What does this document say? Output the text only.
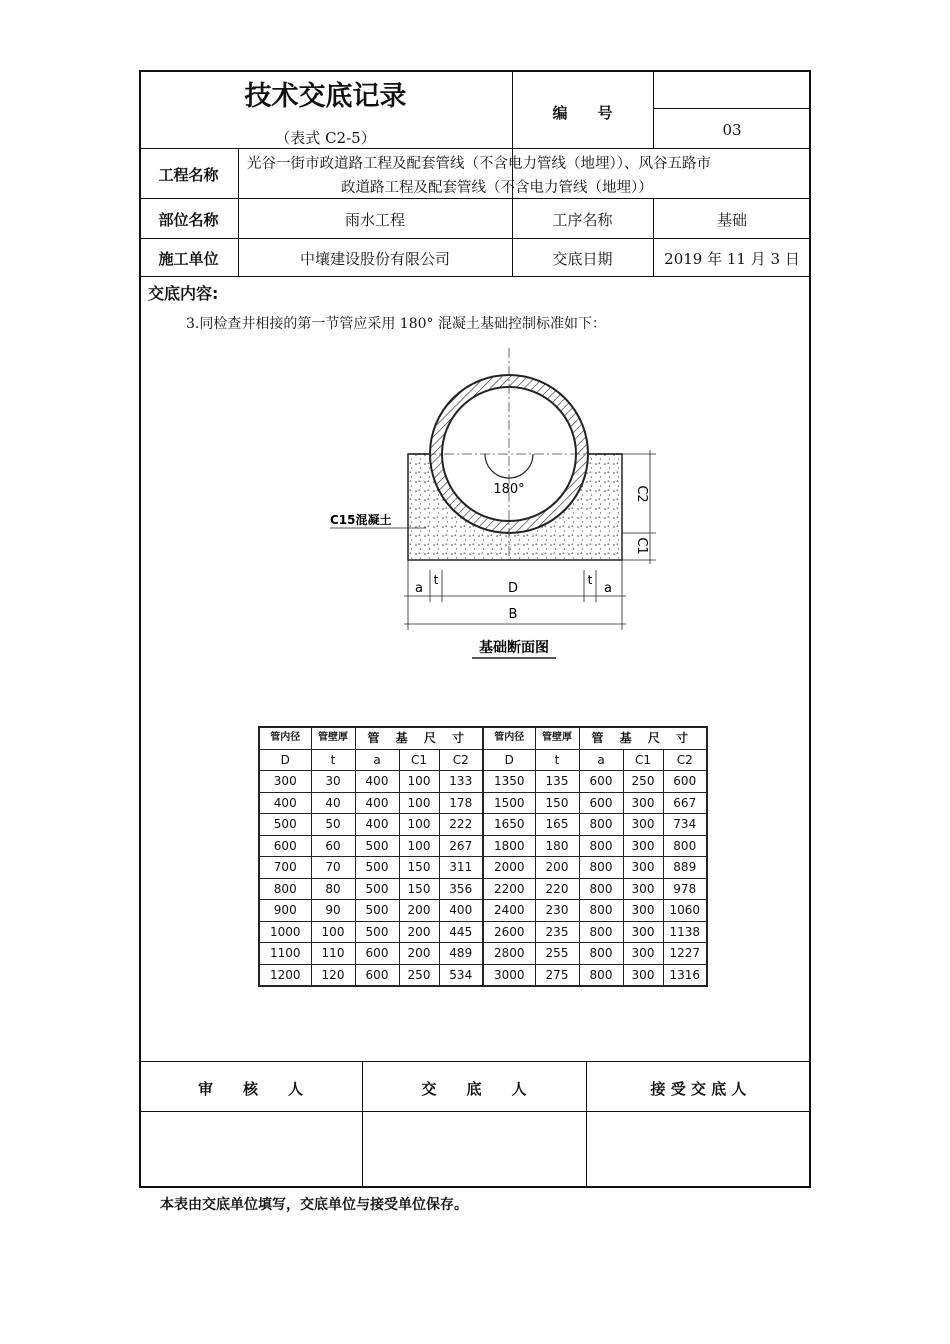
技术交底记录
（表式 C2-5）
编　　号
03
工程名称
光谷一街市政道路工程及配套管线（不含电力管线（地埋））、风谷五路市
政道路工程及配套管线（不含电力管线（地埋））
部位名称	雨水工程	工序名称	基础
施工单位	中壤建设股份有限公司	交底日期	2019 年 11 月 3 日
交底内容:
3.同检查井相接的第一节管应采用 180° 混凝土基础控制标准如下：
180°	C2
C1
C15混凝土
a
t
D
t
a
B
基础断面图
管内径	管壁厚	管 基 尺 寸			管内径	管壁厚	管 基 尺 寸		
D	t	a	C1	C2	D	t	a	C1	C2
300	30	400	100	133	1350	135	600	250	600
400	40	400	100	178	1500	150	600	300	667
500	50	400	100	222	1650	165	800	300	734
600	60	500	100	267	1800	180	800	300	800
700	70	500	150	311	2000	200	800	300	889
800	80	500	150	356	2200	220	800	300	978
900	90	500	200	400	2400	230	800	300	1060
1000	100	500	200	445	2600	235	800	300	1138
1100	110	600	200	489	2800	255	800	300	1227
1200	120	600	250	534	3000	275	800	300	1316
审　　核　　人	交　　底　　人	接 受 交 底 人
本表由交底单位填写，交底单位与接受单位保存。
